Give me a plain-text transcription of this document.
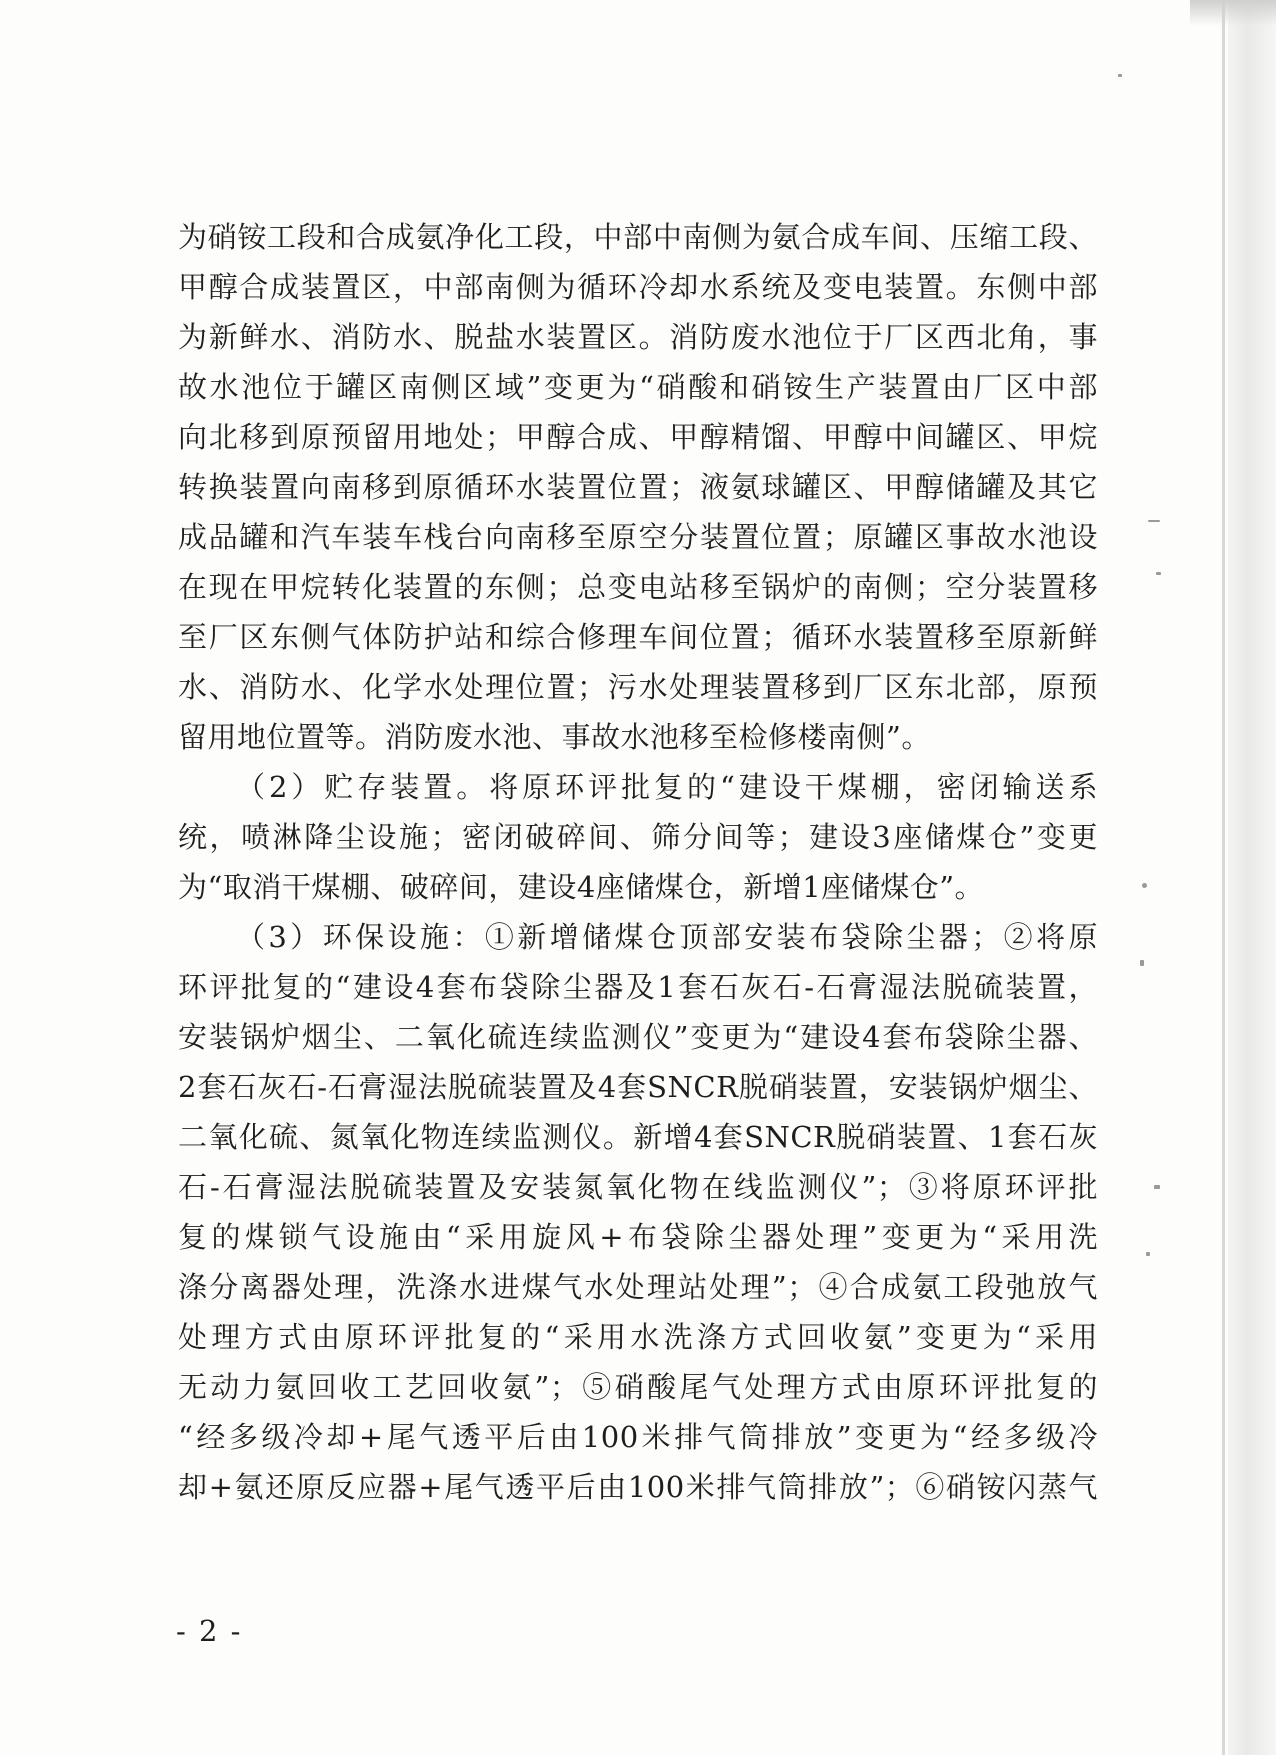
为硝铵工段和合成氨净化工段，中部中南侧为氨合成车间、压缩工段、
甲醇合成装置区，中部南侧为循环冷却水系统及变电装置。东侧中部
为新鲜水、消防水、脱盐水装置区。消防废水池位于厂区西北角，事
故水池位于罐区南侧区域”变更为“硝酸和硝铵生产装置由厂区中部
向北移到原预留用地处；甲醇合成、甲醇精馏、甲醇中间罐区、甲烷
转换装置向南移到原循环水装置位置；液氨球罐区、甲醇储罐及其它
成品罐和汽车装车栈台向南移至原空分装置位置；原罐区事故水池设
在现在甲烷转化装置的东侧；总变电站移至锅炉的南侧；空分装置移
至厂区东侧气体防护站和综合修理车间位置；循环水装置移至原新鲜
水、消防水、化学水处理位置；污水处理装置移到厂区东北部，原预
留用地位置等。消防废水池、事故水池移至检修楼南侧”。
（2）贮存装置。将原环评批复的“建设干煤棚，密闭输送系
统，喷淋降尘设施；密闭破碎间、筛分间等；建设3座储煤仓”变更
为“取消干煤棚、破碎间，建设4座储煤仓，新增1座储煤仓”。
（3）环保设施：①新增储煤仓顶部安装布袋除尘器；②将原
环评批复的“建设4套布袋除尘器及1套石灰石-石膏湿法脱硫装置，
安装锅炉烟尘、二氧化硫连续监测仪”变更为“建设4套布袋除尘器、
2套石灰石-石膏湿法脱硫装置及4套SNCR脱硝装置，安装锅炉烟尘、
二氧化硫、氮氧化物连续监测仪。新增4套SNCR脱硝装置、1套石灰
石-石膏湿法脱硫装置及安装氮氧化物在线监测仪”；③将原环评批
复的煤锁气设施由“采用旋风+布袋除尘器处理”变更为“采用洗
涤分离器处理，洗涤水进煤气水处理站处理”；④合成氨工段弛放气
处理方式由原环评批复的“采用水洗涤方式回收氨”变更为“采用
无动力氨回收工艺回收氨”；⑤硝酸尾气处理方式由原环评批复的
“经多级冷却+尾气透平后由100米排气筒排放”变更为“经多级冷
却+氨还原反应器+尾气透平后由100米排气筒排放”；⑥硝铵闪蒸气
- 2 -
